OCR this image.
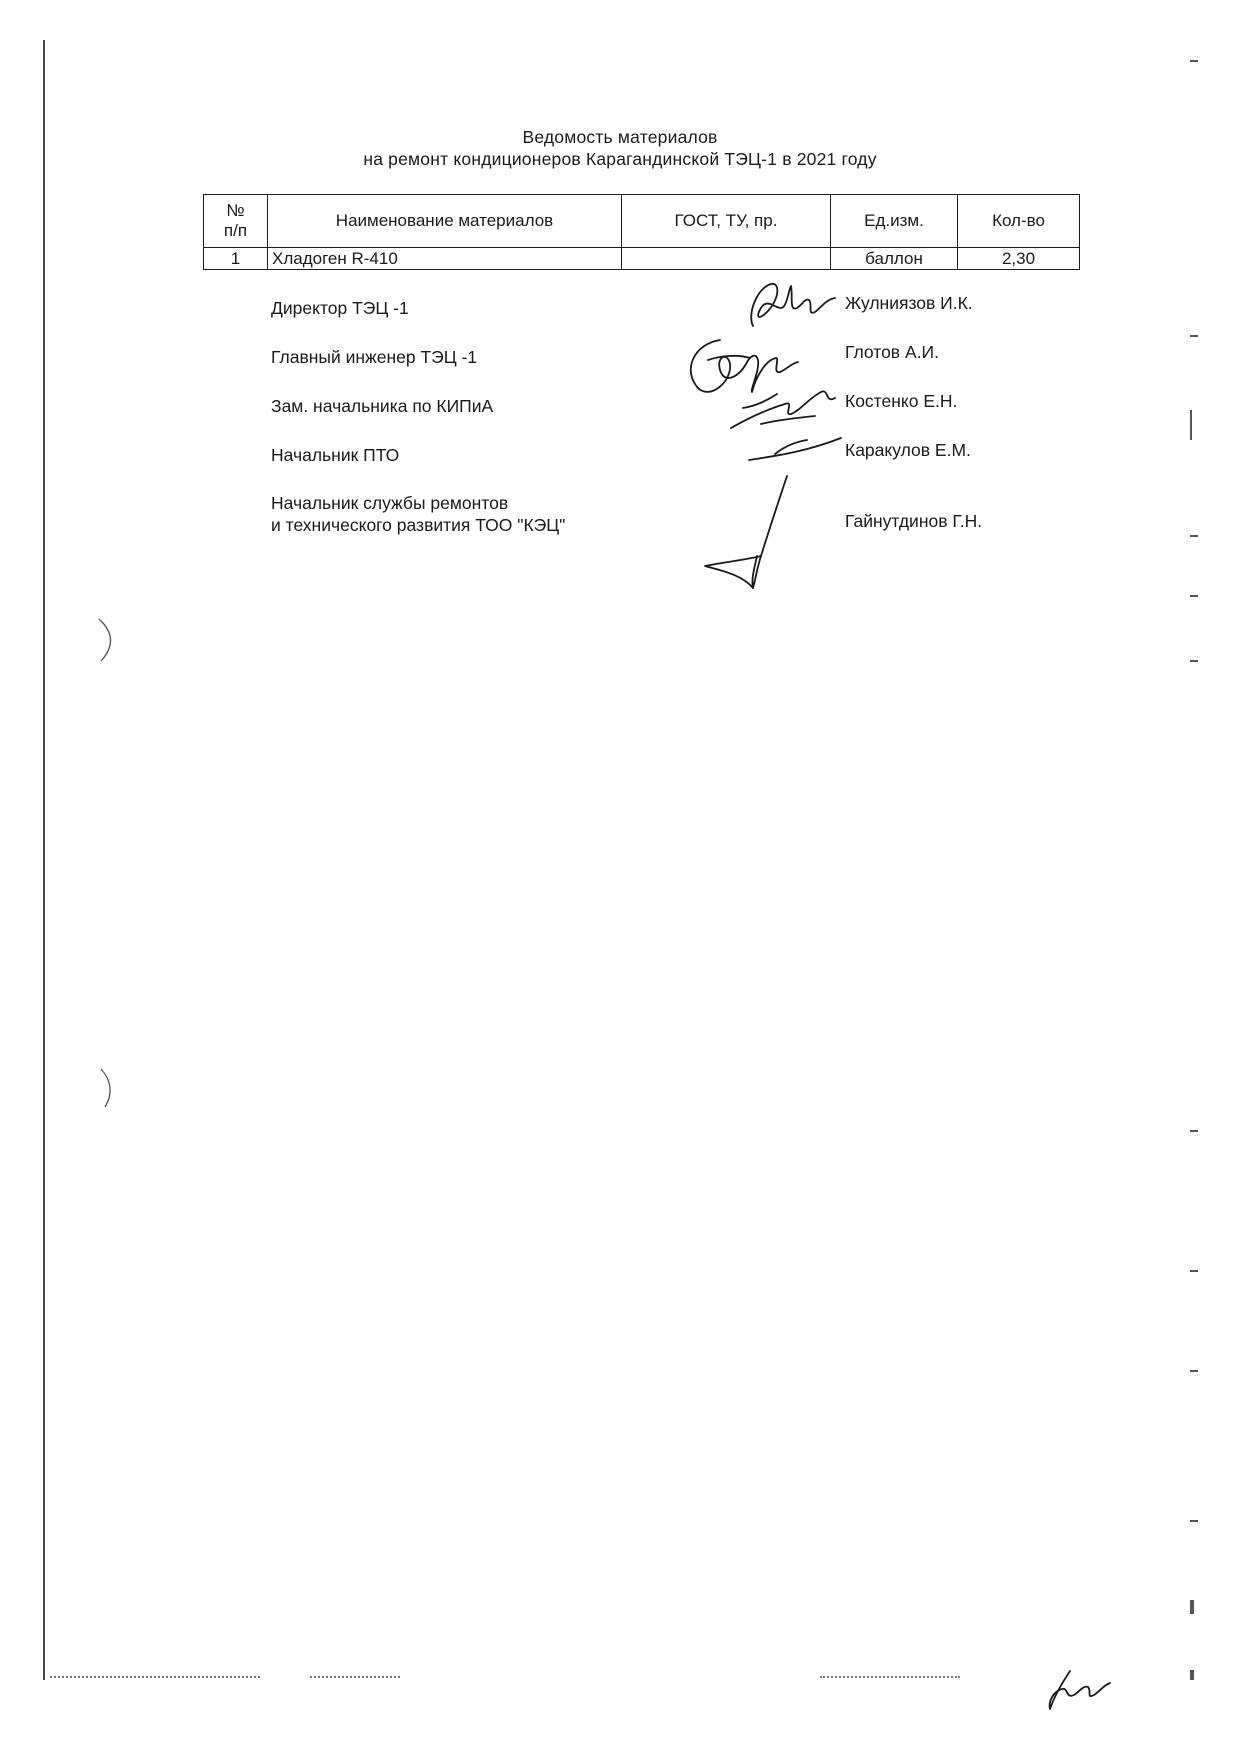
Ведомость материалов
на ремонт кондиционеров Карагандинской ТЭЦ-1 в 2021 году
№
п/п	Наименование материалов	ГОСТ, ТУ, пр.	Ед.изм.	Кол-во
1	Хладоген R-410		баллон	2,30
Директор ТЭЦ -1	Жулниязов И.К.
Главный инженер ТЭЦ -1	Глотов А.И.
Зам. начальника по КИПиА	Костенко Е.Н.
Начальник ПТО	Каракулов Е.М.
Начальник службы ремонтов
и технического развития ТОО "КЭЦ"	Гайнутдинов Г.Н.
